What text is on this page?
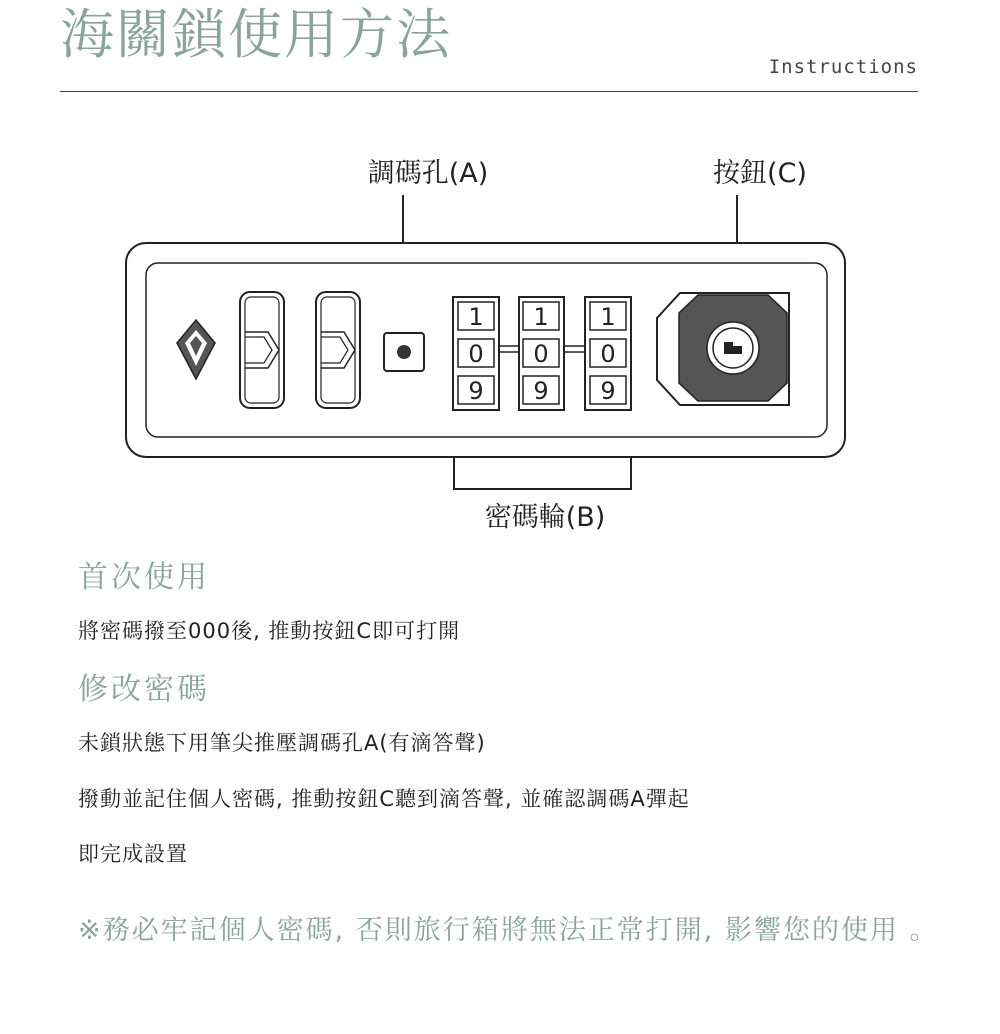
海關鎖使用方法
Instructions
調碼孔(A)	按鈕(C)
密碼輪(B)
1
0
9
1
0
9
1
0
9
首次使用
將密碼撥至000後, 推動按鈕C即可打開
修改密碼
未鎖狀態下用筆尖推壓調碼孔A(有滴答聲)
撥動並記住個人密碼, 推動按鈕C聽到滴答聲, 並確認調碼A彈起
即完成設置
※務必牢記個人密碼, 否則旅行箱將無法正常打開, 影響您的使用 。
